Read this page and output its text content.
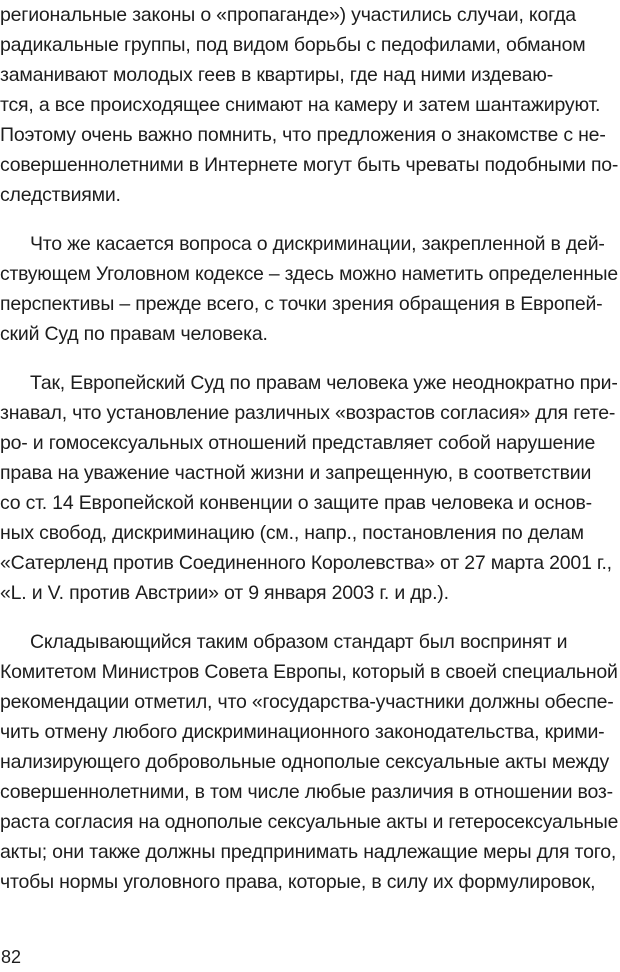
региональные законы о «пропаганде») участились случаи, когда

радикальные группы, под видом борьбы с педофилами, обманом

заманивают молодых геев в квартиры, где над ними издеваю-

тся, а все происходящее снимают на камеру и затем шантажируют.

Поэтому очень важно помнить, что предложения о знакомстве с не-

совершеннолетними в Интернете могут быть чреваты подобными по-

следствиями.

Что же касается вопроса о дискриминации, закрепленной в дей-

ствующем Уголовном кодексе – здесь можно наметить определенные

перспективы – прежде всего, с точки зрения обращения в Европей-

ский Суд по правам человека.

Так, Европейский Суд по правам человека уже неоднократно при-

знавал, что установление различных «возрастов согласия» для гете-

ро- и гомосексуальных отношений представляет собой нарушение

права на уважение частной жизни и запрещенную, в соответствии

со ст. 14 Европейской конвенции о защите прав человека и основ-

ных свобод, дискриминацию (см., напр., постановления по делам

«Сатерленд против Соединенного Королевства» от 27 марта 2001 г.,

«L. и V. против Австрии» от 9 января 2003 г. и др.).

Складывающийся таким образом стандарт был воспринят и

Комитетом Министров Совета Европы, который в своей специальной

рекомендации отметил, что «государства-участники должны обеспе-

чить отмену любого дискриминационного законодательства, крими-

нализирующего добровольные однополые сексуальные акты между

совершеннолетними, в том числе любые различия в отношении воз-

раста согласия на однополые сексуальные акты и гетеросексуальные

акты; они также должны предпринимать надлежащие меры для того,

чтобы нормы уголовного права, которые, в силу их формулировок,

82
